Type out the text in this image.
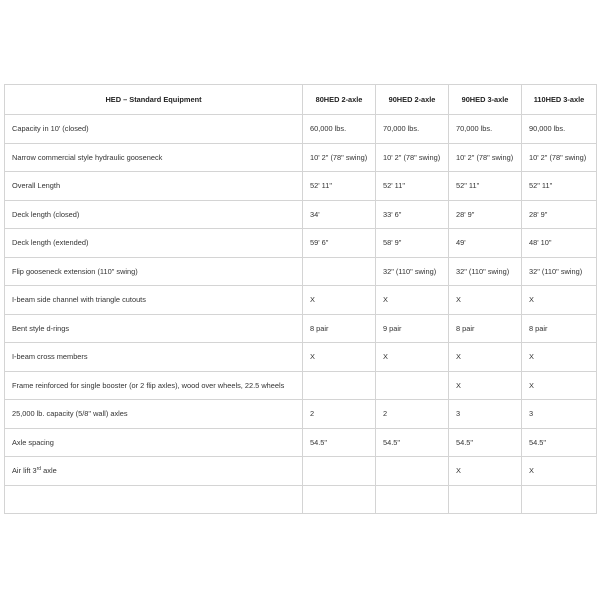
HED – Standard Equipment	80HED 2-axle	90HED 2-axle	90HED 3-axle	110HED 3-axle
Capacity in 10' (closed)	60,000 lbs.	70,000 lbs.	70,000 lbs.	90,000 lbs.
Narrow commercial style hydraulic gooseneck	10' 2" (78" swing)	10' 2" (78" swing)	10' 2" (78" swing)	10' 2" (78" swing)
Overall Length	52' 11"	52' 11"	52" 11"	52" 11"
Deck length (closed)	34'	33' 6"	28' 9"	28' 9"
Deck length (extended)	59' 6"	58' 9"	49'	48' 10"
Flip gooseneck extension (110" swing)		32" (110" swing)	32" (110" swing)	32" (110" swing)
I-beam side channel with triangle cutouts	X	X	X	X
Bent style d-rings	8 pair	9 pair	8 pair	8 pair
I-beam cross members	X	X	X	X
Frame reinforced for single booster (or 2 flip axles), wood over wheels, 22.5 wheels			X	X
25,000 lb. capacity (5/8" wall) axles	2	2	3	3
Axle spacing	54.5"	54.5"	54.5"	54.5"
Air lift 3rd axle			X	X
